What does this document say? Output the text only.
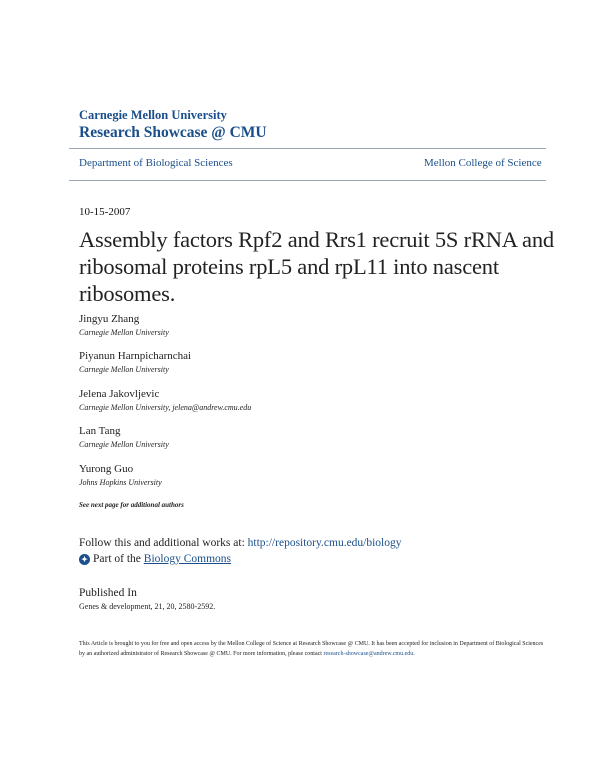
Carnegie Mellon University
Research Showcase @ CMU
Department of Biological Sciences	Mellon College of Science
10-15-2007
Assembly factors Rpf2 and Rrs1 recruit 5S rRNA and ribosomal proteins rpL5 and rpL11 into nascent ribosomes.
Jingyu Zhang
Carnegie Mellon University
Piyanun Harnpicharnchai
Carnegie Mellon University
Jelena Jakovljevic
Carnegie Mellon University, jelena@andrew.cmu.edu
Lan Tang
Carnegie Mellon University
Yurong Guo
Johns Hopkins University
See next page for additional authors
Follow this and additional works at: http://repository.cmu.edu/biology
✦ Part of the Biology Commons
Published In
Genes & development, 21, 20, 2580-2592.
This Article is brought to you for free and open access by the Mellon College of Science at Research Showcase @ CMU. It has been accepted for inclusion in Department of Biological Sciences by an authorized administrator of Research Showcase @ CMU. For more information, please contact research-showcase@andrew.cmu.edu.
